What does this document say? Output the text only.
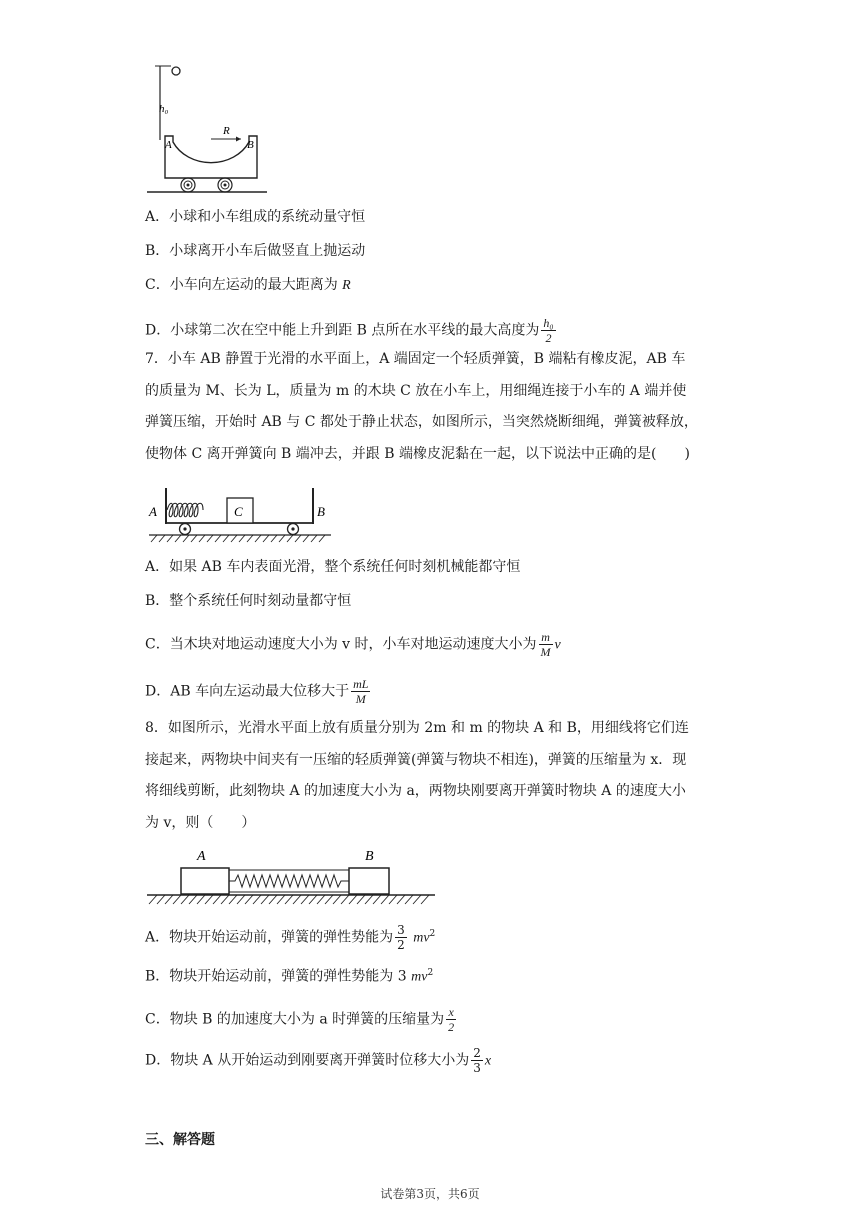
h₀
A	B
R
A．小球和小车组成的系统动量守恒
B．小球离开小车后做竖直上抛运动
C．小车向左运动的最大距离为 R
D．小球第二次在空中能上升到距 B 点所在水平线的最大高度为 $\frac{\text{h₀}}{2}$
7．小车 AB 静置于光滑的水平面上，A 端固定一个轻质弹簧，B 端粘有橡皮泥，AB 车
的质量为 M、长为 L，质量为 m 的木块 C 放在小车上，用细绳连接于小车的 A 端并使
弹簧压缩，开始时 AB 与 C 都处于静止状态，如图所示，当突然烧断细绳，弹簧被释放，
使物体 C 离开弹簧向 B 端冲去，并跟 B 端橡皮泥黏在一起，以下说法中正确的是(　　)
A	B
C
A．如果 AB 车内表面光滑，整个系统任何时刻机械能都守恒
B．整个系统任何时刻动量都守恒
C．当木块对地运动速度大小为 v 时，小车对地运动速度大小为 $\frac{m}{M}$ v
D．AB 车向左运动最大位移大于 $\frac{mL}{M}$
8．如图所示，光滑水平面上放有质量分别为 2m 和 m 的物块 A 和 B，用细线将它们连
接起来，两物块中间夹有一压缩的轻质弹簧(弹簧与物块不相连)，弹簧的压缩量为 x．现
将细线剪断，此刻物块 A 的加速度大小为 a，两物块刚要离开弹簧时物块 A 的速度大小
为 v，则（　　）
A	B
A．物块开始运动前，弹簧的弹性势能为 $\frac{3}{2} mv^2$
B．物块开始运动前，弹簧的弹性势能为 3 $mv^2$
C．物块 B 的加速度大小为 a 时弹簧的压缩量为 $\frac{x}{2}$
D．物块 A 从开始运动到刚要离开弹簧时位移大小为 $\frac{2}{3}$ x
三、解答题
试卷第3页，共6页
